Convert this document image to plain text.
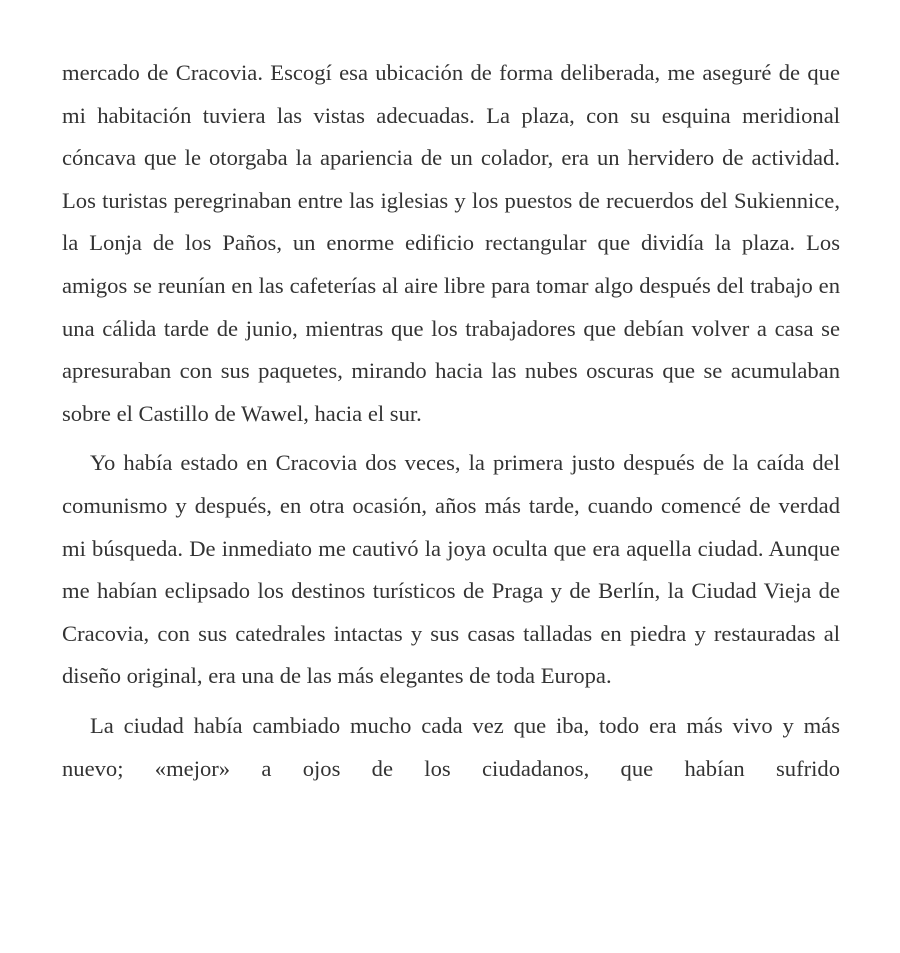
mercado de Cracovia. Escogí esa ubicación de forma deliberada, me aseguré de que mi habitación tuviera las vistas adecuadas. La plaza, con su esquina meridional cóncava que le otorgaba la apariencia de un colador, era un hervidero de actividad. Los turistas peregrinaban entre las iglesias y los puestos de recuerdos del Sukiennice, la Lonja de los Paños, un enorme edificio rectangular que dividía la plaza. Los amigos se reunían en las cafeterías al aire libre para tomar algo después del trabajo en una cálida tarde de junio, mientras que los trabajadores que debían volver a casa se apresuraban con sus paquetes, mirando hacia las nubes oscuras que se acumulaban sobre el Castillo de Wawel, hacia el sur.

Yo había estado en Cracovia dos veces, la primera justo después de la caída del comunismo y después, en otra ocasión, años más tarde, cuando comencé de verdad mi búsqueda. De inmediato me cautivó la joya oculta que era aquella ciudad. Aunque me habían eclipsado los destinos turísticos de Praga y de Berlín, la Ciudad Vieja de Cracovia, con sus catedrales intactas y sus casas talladas en piedra y restauradas al diseño original, era una de las más elegantes de toda Europa.

La ciudad había cambiado mucho cada vez que iba, todo era más vivo y más nuevo; «mejor» a ojos de los ciudadanos, que habían sufrido
